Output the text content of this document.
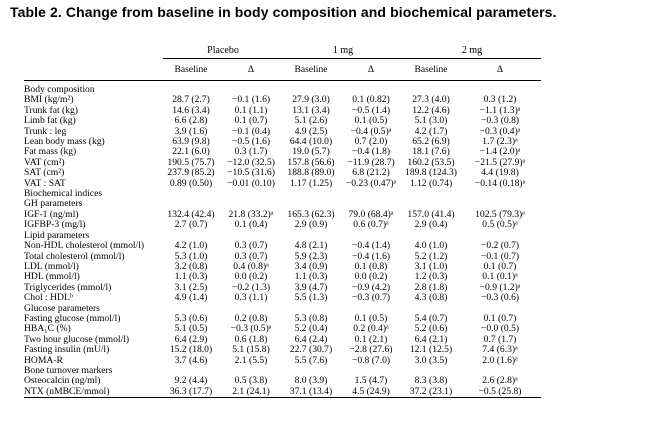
Table 2. Change from baseline in body composition and biochemical parameters.
	Placebo		1 mg		2 mg	
	Baseline	Δ	Baseline	Δ	Baseline	Δ

Body composition						
BMI (kg/m²)	28.7 (2.7)	−0.1 (1.6)	27.9 (3.0)	0.1 (0.82)	27.3 (4.0)	0.3 (1.2)
Trunk fat (kg)	14.6 (3.4)	0.1 (1.1)	13.1 (3.4)	−0.5 (1.4)	12.2 (4.6)	−1.1 (1.3)ᵃ
Limb fat (kg)	6.6 (2.8)	0.1 (0.7)	5.1 (2.6)	0.1 (0.5)	5.1 (3.0)	−0.3 (0.8)
Trunk : leg	3.9 (1.6)	−0.1 (0.4)	4.9 (2.5)	−0.4 (0.5)ᵃ	4.2 (1.7)	−0.3 (0.4)ᵃ
Lean body mass (kg)	63.9 (9.8)	−0.5 (1.6)	64.4 (10.0)	0.7 (2.0)	65.2 (6.9)	1.7 (2.3)ᵃ
Fat mass (kg)	22.1 (6.0)	0.3 (1.7)	19.0 (5.7)	−0.4 (1.8)	18.1 (7.6)	−1.4 (2.0)ᵃ
VAT (cm²)	190.5 (75.7)	−12.0 (32.5)	157.8 (56.6)	−11.9 (28.7)	160.2 (53.5)	−21.5 (27.9)ᵃ
SAT (cm²)	237.9 (85.2)	−10.5 (31.6)	188.8 (89.0)	6.8 (21.2)	189.8 (124.3)	4.4 (19.8)
VAT : SAT	0.89 (0.50)	−0.01 (0.10)	1.17 (1.25)	−0.23 (0.47)ᵃ	1.12 (0.74)	−0.14 (0.18)ᵃ
Biochemical indices						
GH parameters						
IGF-1 (ng/ml)	132.4 (42.4)	21.8 (33.2)ᵃ	165.3 (62.3)	79.0 (68.4)ᵃ	157.0 (41.4)	102.5 (79.3)ᵃ
IGFBP-3 (mg/l)	2.7 (0.7)	0.1 (0.4)	2.9 (0.9)	0.6 (0.7)ᵃ	2.9 (0.4)	0.5 (0.5)ᵃ
Lipid parameters						
Non-HDL cholesterol (mmol/l)	4.2 (1.0)	0.3 (0.7)	4.8 (2.1)	−0.4 (1.4)	4.0 (1.0)	−0.2 (0.7)
Total cholesterol (mmol/l)	5.3 (1.0)	0.3 (0.7)	5.9 (2.3)	−0.4 (1.6)	5.2 (1.2)	−0.1 (0.7)
LDL (mmol/l)	3.2 (0.8)	0.4 (0.8)ᵃ	3.4 (0.9)	0.1 (0.8)	3.1 (1.0)	0.1 (0.7)
HDL (mmol/l)	1.1 (0.3)	0.0 (0.2)	1.1 (0.3)	0.0 (0.2)	1.2 (0.3)	0.1 (0.1)ᵃ
Triglycerides (mmol/l)	3.1 (2.5)	−0.2 (1.3)	3.9 (4.7)	−0.9 (4.2)	2.8 (1.8)	−0.9 (1.2)ᵃ
Chol : HDLᵇ	4.9 (1.4)	0.3 (1.1)	5.5 (1.3)	−0.3 (0.7)	4.3 (0.8)	−0.3 (0.6)
Glucose parameters						
Fasting glucose (mmol/l)	5.3 (0.6)	0.2 (0.8)	5.3 (0.8)	0.1 (0.5)	5.4 (0.7)	0.1 (0.7)
HBA₁C (%)	5.1 (0.5)	−0.3 (0.5)ᵃ	5.2 (0.4)	0.2 (0.4)ᵃ	5.2 (0.6)	−0.0 (0.5)
Two hour glucose (mmol/l)	6.4 (2.9)	0.6 (1.8)	6.4 (2.4)	0.1 (2.1)	6.4 (2.1)	0.7 (1.7)
Fasting insulin (mU/l)	15.2 (18.0)	5.1 (15.8)	22.7 (30.7)	−2.8 (27.6)	12.1 (12.5)	7.4 (6.3)ᵃ
HOMA-R	3.7 (4.6)	2.1 (5.5)	5.5 (7.6)	−0.8 (7.0)	3.0 (3.5)	2.0 (1.6)ᵃ
Bone turnover markers						
Osteocalcin (ng/ml)	9.2 (4.4)	0.5 (3.8)	8.0 (3.9)	1.5 (4.7)	8.3 (3.8)	2.6 (2.8)ᵃ
NTX (nMBCE/mmol)	36.3 (17.7)	2.1 (24.1)	37.1 (13.4)	4.5 (24.9)	37.2 (23.1)	−0.5 (25.8)
